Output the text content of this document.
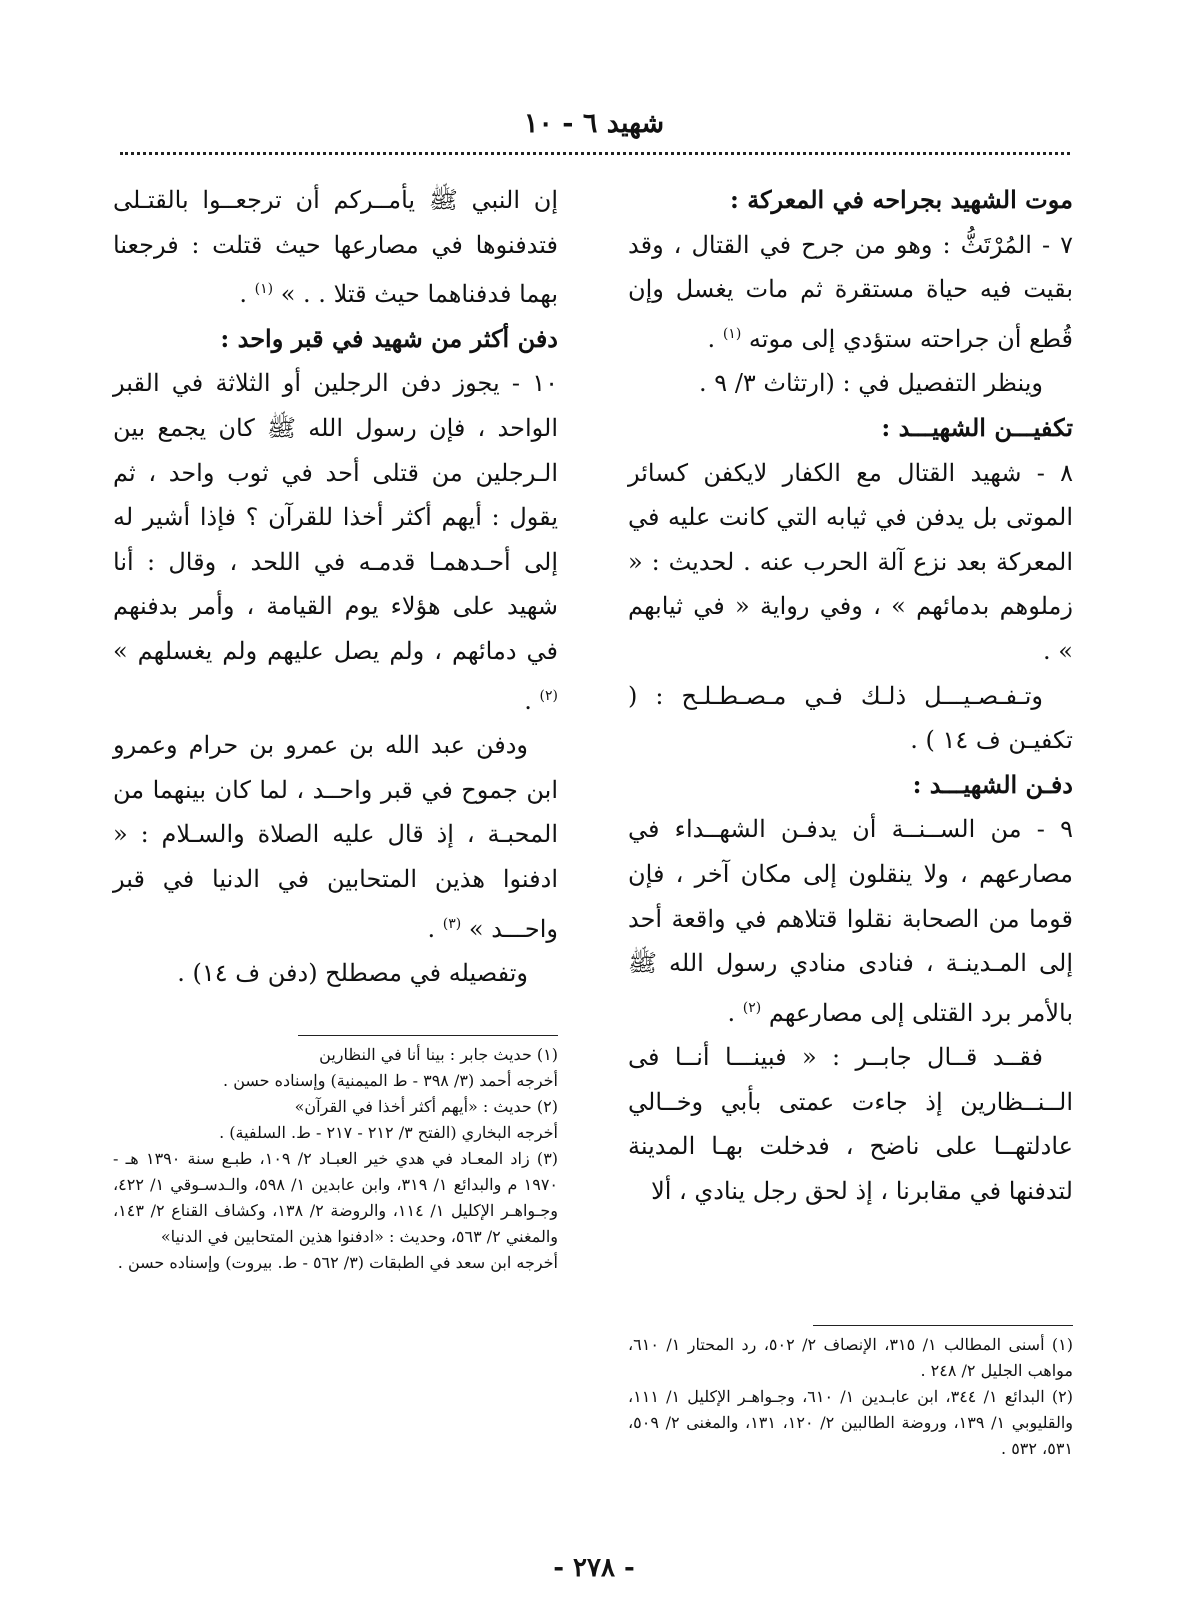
شهيد ٦ - ١٠

موت الشهيد بجراحه في المعركة :

٧ - المُرْتَثُّ : وهو من جرح في القتال ، وقد بقيت فيه حياة مستقرة ثم مات يغسل وإن قُطع أن جراحته ستؤدي إلى موته $^{(١)}$ .

وينظر التفصيل في : (ارتثاث ٣/ ٩ .

تكفيـــن الشهيـــد :

٨ - شهيد القتال مع الكفار لايكفن كسائر الموتى بل يدفن في ثيابه التي كانت عليه في المعركة بعد نزع آلة الحرب عنه . لحديث : « زملوهم بدمائهم » ، وفي رواية « في ثيابهم » .

وتـفـصـيـــل ذلـك فـي مـصـطـلـح : ( تكفيـن ف ١٤ ) .

دفـن الشهيـــد :

٩ - من الســنــة أن يدفـن الشهــداء في مصارعهم ، ولا ينقلون إلى مكان آخر ، فإن قوما من الصحابة نقلوا قتلاهم في واقعة أحد إلى المـدينـة ، فنادى منادي رسول الله ﷺ بالأمر برد القتلى إلى مصارعهم $^{(٢)}$ .

فقــد قــال جابــر : « فبينـــا أنــا فى الــنــظارين إذ جاءت عمتى بأبي وخــالي عادلتهــا على ناضح ، فدخلت بهـا المدينة لتدفنها في مقابرنا ، إذ لحق رجل ينادي ، ألا

إن النبي ﷺ يأمــركم أن ترجعــوا بالقتـلى فتدفنوها في مصارعها حيث قتلت : فرجعنا بهما فدفناهما حيث قتلا . . » $^{(١)}$ .

دفن أكثر من شهيد في قبر واحد :

١٠ - يجوز دفن الرجلين أو الثلاثة في القبر الواحد ، فإن رسول الله ﷺ كان يجمع بين الـرجلين من قتلى أحد في ثوب واحد ، ثم يقول : أيهم أكثر أخذا للقرآن ؟ فإذا أشير له إلى أحـدهمـا قدمـه في اللحد ، وقال : أنا شهيد على هؤلاء يوم القيامة ، وأمر بدفنهم في دمائهم ، ولم يصل عليهم ولم يغسلهم » $^{(٢)}$ .

ودفن عبد الله بن عمرو بن حرام وعمرو ابن جموح في قبر واحــد ، لما كان بينهما من المحبـة ، إذ قال عليه الصلاة والسـلام : « ادفنوا هذين المتحابين في الدنيا في قبر واحـــد » $^{(٣)}$ .

وتفصيله في مصطلح (دفن ف ١٤) .

(١) أسنى المطالب ١/ ٣١٥، الإنصاف ٢/ ٥٠٢، رد المحتار ١/ ٦١٠، مواهب الجليل ٢/ ٢٤٨ .

(٢) البدائع ١/ ٣٤٤، ابن عابـدين ١/ ٦١٠، وجـواهـر الإكليل ١/ ١١١، والقليوبي ١/ ١٣٩، وروضة الطالبين ٢/ ١٢٠، ١٣١، والمغنى ٢/ ٥٠٩، ٥٣١، ٥٣٢ .

(١) حديث جابر : بينا أنا في النظارين

أخرجه أحمد (٣/ ٣٩٨ - ط الميمنية) وإسناده حسن .

(٢) حديث : «أيهم أكثر أخذا في القرآن»

أخرجه البخاري (الفتح ٣/ ٢١٢ - ٢١٧ - ط. السلفية) .

(٣) زاد المعـاد في هدي خير العبـاد ٢/ ١٠٩، طبـع سنة ١٣٩٠ هـ - ١٩٧٠ م والبدائع ١/ ٣١٩، وابن عابدين ١/ ٥٩٨، والـدسـوقي ١/ ٤٢٢، وجـواهـر الإكليل ١/ ١١٤، والروضة ٢/ ١٣٨، وكشاف القناع ٢/ ١٤٣، والمغني ٢/ ٥٦٣، وحديث : «ادفنوا هذين المتحابين في الدنيا»

أخرجه ابن سعد في الطبقات (٣/ ٥٦٢ - ط. بيروت) وإسناده حسن .

- ٢٧٨ -
